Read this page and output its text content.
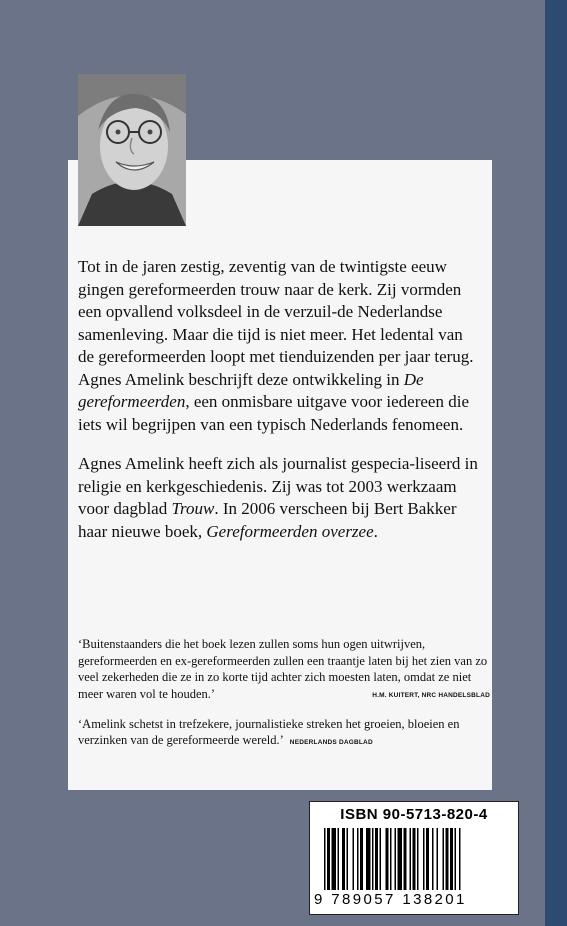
Tot in de jaren zestig, zeventig van de twintigste eeuw gingen gereformeerden trouw naar de kerk. Zij vormden een opvallend volksdeel in de verzuil-de Nederlandse samenleving. Maar die tijd is niet meer. Het ledental van de gereformeerden loopt met tienduizenden per jaar terug. Agnes Amelink beschrijft deze ontwikkeling in De gereformeerden, een onmisbare uitgave voor iedereen die iets wil begrijpen van een typisch Nederlands fenomeen.

Agnes Amelink heeft zich als journalist gespecia-liseerd in religie en kerkgeschiedenis. Zij was tot 2003 werkzaam voor dagblad Trouw. In 2006 verscheen bij Bert Bakker haar nieuwe boek, Gereformeerden overzee.

‘Buitenstaanders die het boek lezen zullen soms hun ogen uitwrijven, gereformeerden en ex-gereformeerden zullen een traantje laten bij het zien van zo veel zekerheden die ze in zo korte tijd achter zich moesten laten, omdat ze niet meer waren vol te houden.’	H.M. KUITERT, NRC HANDELSBLAD

‘Amelink schetst in trefzekere, journalistieke streken het groeien, bloeien en verzinken van de gereformeerde wereld.’ NEDERLANDS DAGBLAD

ISBN 90-5713-820-4
9 789057 138201
